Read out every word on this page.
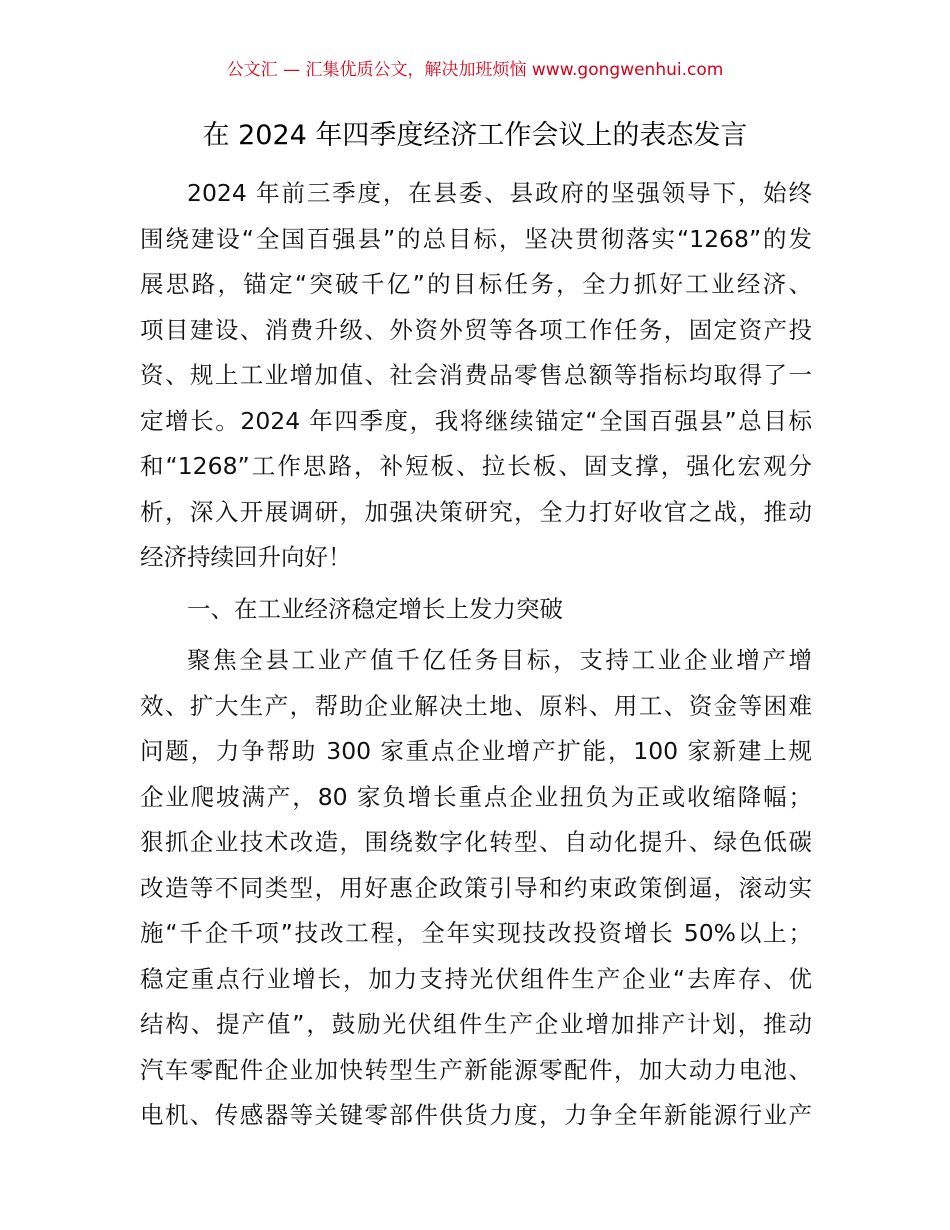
公文汇 — 汇集优质公文，解决加班烦恼 www.gongwenhui.com
在 2024 年四季度经济工作会议上的表态发言
2024 年前三季度，在县委、县政府的坚强领导下，始终
围绕建设“全国百强县”的总目标，坚决贯彻落实“1268”的发
展思路，锚定“突破千亿”的目标任务，全力抓好工业经济、
项目建设、消费升级、外资外贸等各项工作任务，固定资产投
资、规上工业增加值、社会消费品零售总额等指标均取得了一
定增长。2024 年四季度，我将继续锚定“全国百强县”总目标
和“1268”工作思路，补短板、拉长板、固支撑，强化宏观分
析，深入开展调研，加强决策研究，全力打好收官之战，推动
经济持续回升向好！
一、在工业经济稳定增长上发力突破
聚焦全县工业产值千亿任务目标，支持工业企业增产增
效、扩大生产，帮助企业解决土地、原料、用工、资金等困难
问题，力争帮助 300 家重点企业增产扩能，100 家新建上规
企业爬坡满产，80 家负增长重点企业扭负为正或收缩降幅；
狠抓企业技术改造，围绕数字化转型、自动化提升、绿色低碳
改造等不同类型，用好惠企政策引导和约束政策倒逼，滚动实
施“千企千项”技改工程，全年实现技改投资增长 50%以上；
稳定重点行业增长，加力支持光伏组件生产企业“去库存、优
结构、提产值”，鼓励光伏组件生产企业增加排产计划，推动
汽车零配件企业加快转型生产新能源零配件，加大动力电池、
电机、传感器等关键零部件供货力度，力争全年新能源行业产
